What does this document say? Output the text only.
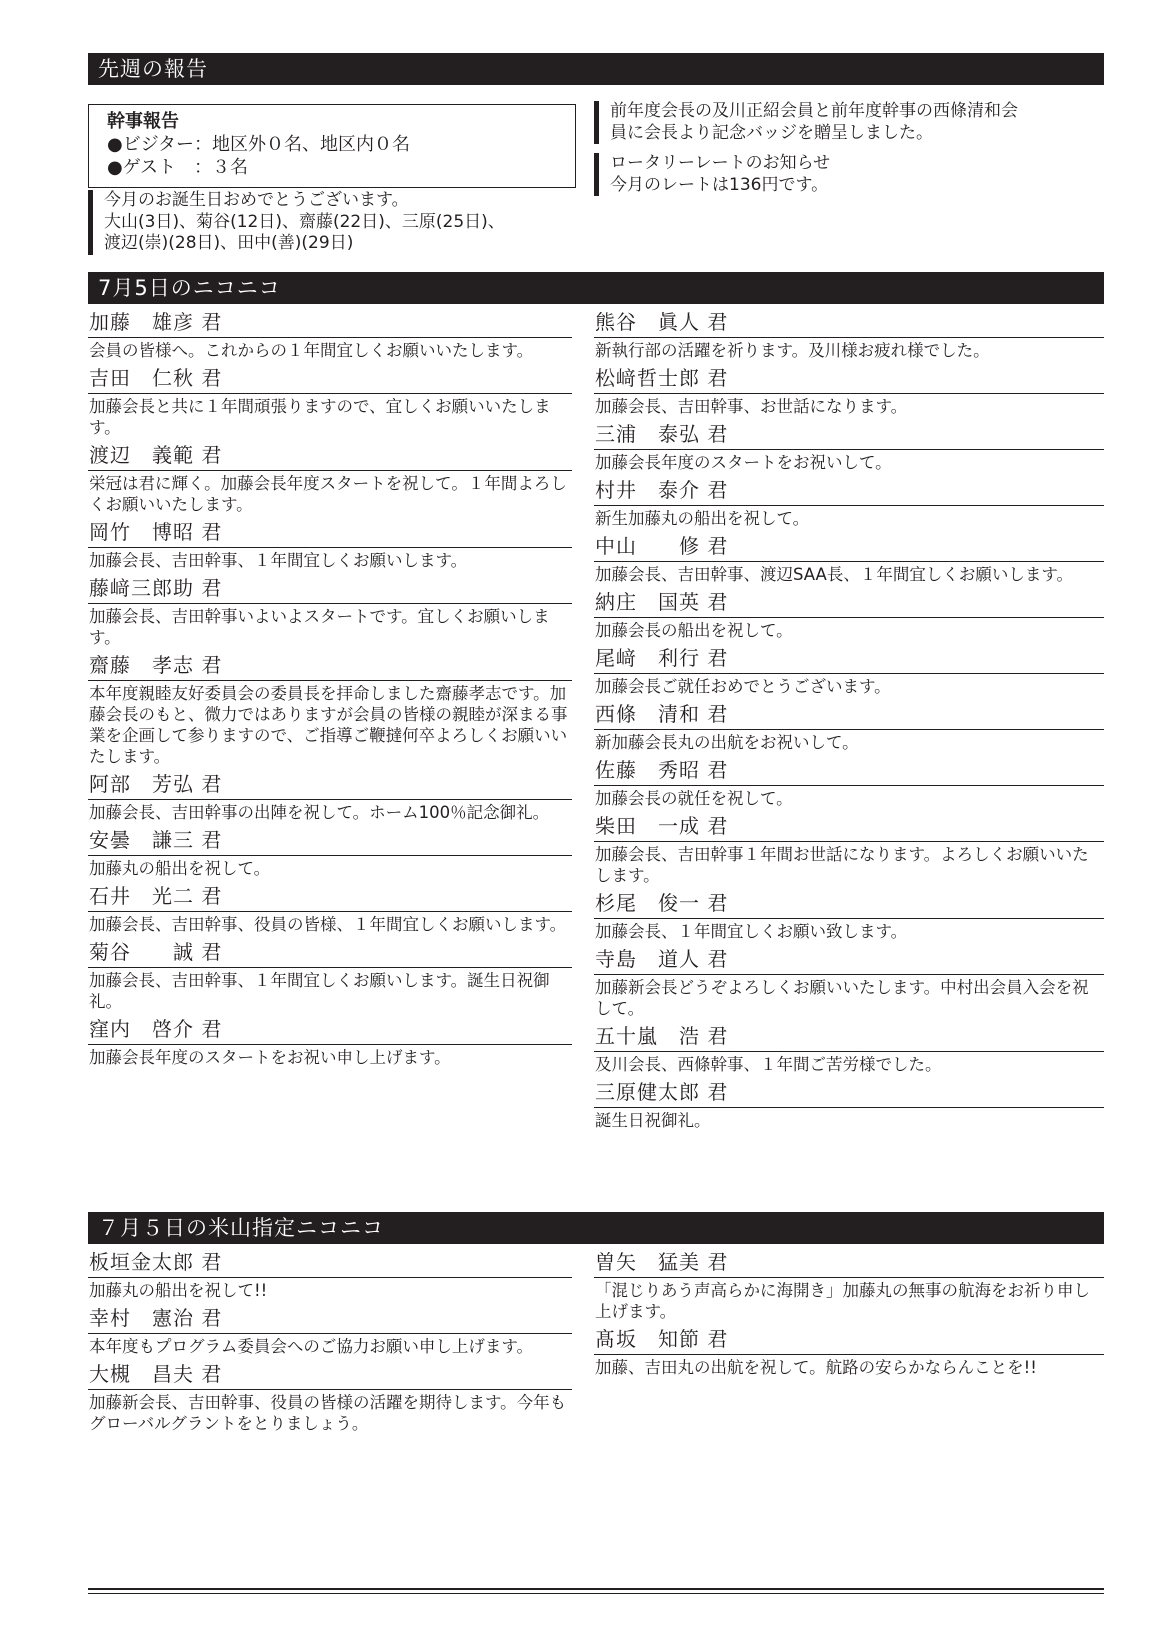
先週の報告
幹事報告
●ビジター：地区外０名、地区内０名
●ゲスト　：３名
今月のお誕生日おめでとうございます。
大山(3日)、菊谷(12日)、齋藤(22日)、三原(25日)、
渡辺(崇)(28日)、田中(善)(29日)
前年度会長の及川正紹会員と前年度幹事の西條清和会
員に会長より記念バッジを贈呈しました。
ロータリーレートのお知らせ
今月のレートは136円です。
7月5日のニコニコ
加藤　雄彦 君
会員の皆様へ。これからの１年間宜しくお願いいたします。
吉田　仁秋 君
加藤会長と共に１年間頑張りますので、宜しくお願いいたします。
渡辺　義範 君
栄冠は君に輝く。加藤会長年度スタートを祝して。１年間よろしくお願いいたします。
岡竹　博昭 君
加藤会長、吉田幹事、１年間宜しくお願いします。
藤﨑三郎助 君
加藤会長、吉田幹事いよいよスタートです。宜しくお願いします。
齋藤　孝志 君
本年度親睦友好委員会の委員長を拝命しました齋藤孝志です。加藤会長のもと、微力ではありますが会員の皆様の親睦が深まる事業を企画して参りますので、ご指導ご鞭撻何卒よろしくお願いいたします。
阿部　芳弘 君
加藤会長、吉田幹事の出陣を祝して。ホーム100％記念御礼。
安曇　謙三 君
加藤丸の船出を祝して。
石井　光二 君
加藤会長、吉田幹事、役員の皆様、１年間宜しくお願いします。
菊谷　　誠 君
加藤会長、吉田幹事、１年間宜しくお願いします。誕生日祝御礼。
窪内　啓介 君
加藤会長年度のスタートをお祝い申し上げます。
熊谷　眞人 君
新執行部の活躍を祈ります。及川様お疲れ様でした。
松﨑哲士郎 君
加藤会長、吉田幹事、お世話になります。
三浦　泰弘 君
加藤会長年度のスタートをお祝いして。
村井　泰介 君
新生加藤丸の船出を祝して。
中山　　修 君
加藤会長、吉田幹事、渡辺SAA長、１年間宜しくお願いします。
納庄　国英 君
加藤会長の船出を祝して。
尾﨑　利行 君
加藤会長ご就任おめでとうございます。
西條　清和 君
新加藤会長丸の出航をお祝いして。
佐藤　秀昭 君
加藤会長の就任を祝して。
柴田　一成 君
加藤会長、吉田幹事１年間お世話になります。よろしくお願いいたします。
杉尾　俊一 君
加藤会長、１年間宜しくお願い致します。
寺島　道人 君
加藤新会長どうぞよろしくお願いいたします。中村出会員入会を祝して。
五十嵐　浩 君
及川会長、西條幹事、１年間ご苦労様でした。
三原健太郎 君
誕生日祝御礼。
７月５日の米山指定ニコニコ
板垣金太郎 君
加藤丸の船出を祝して!!
幸村　憲治 君
本年度もプログラム委員会へのご協力お願い申し上げます。
大槻　昌夫 君
加藤新会長、吉田幹事、役員の皆様の活躍を期待します。今年もグローバルグラントをとりましょう。
曽矢　猛美 君
「混じりあう声高らかに海開き」加藤丸の無事の航海をお祈り申し上げます。
髙坂　知節 君
加藤、吉田丸の出航を祝して。航路の安らかならんことを!!
